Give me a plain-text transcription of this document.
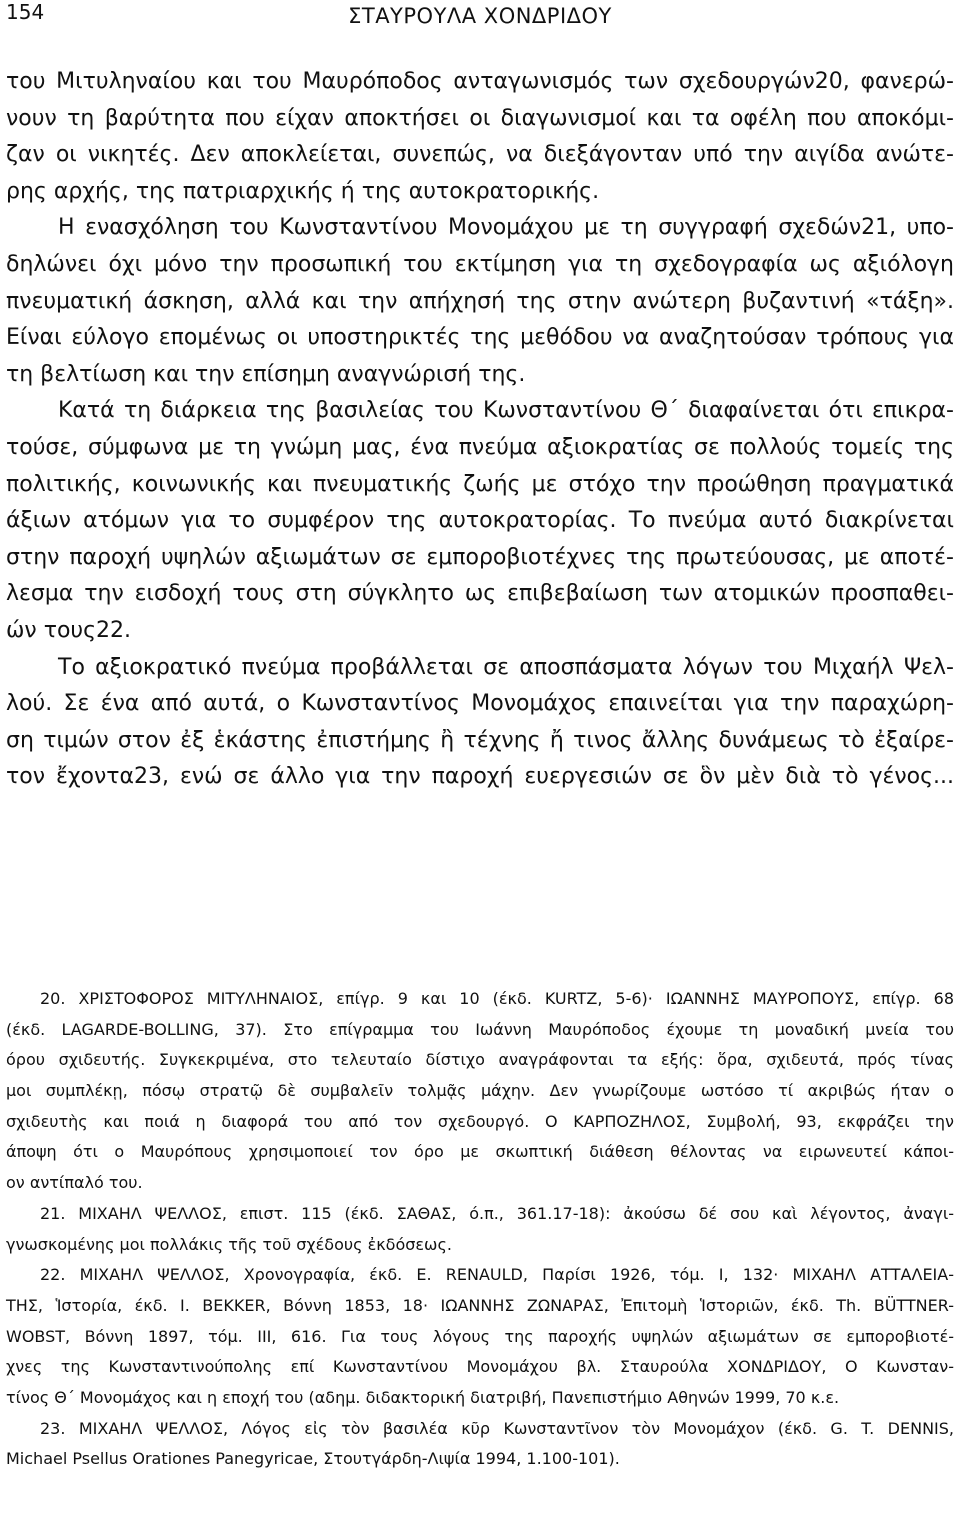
154	ΣΤΑΥΡΟΥΛΑ ΧΟΝΔΡΙΔΟΥ
του Μιτυληναίου και του Μαυρόποδος ανταγωνισμός των σχεδουργών20, φανερώ-
νουν τη βαρύτητα που είχαν αποκτήσει οι διαγωνισμοί και τα οφέλη που αποκόμι-
ζαν οι νικητές. Δεν αποκλείεται, συνεπώς, να διεξάγονταν υπό την αιγίδα ανώτε-
ρης αρχής, της πατριαρχικής ή της αυτοκρατορικής.
Η ενασχόληση του Κωνσταντίνου Μονομάχου με τη συγγραφή σχεδών21, υπο-
δηλώνει όχι μόνο την προσωπική του εκτίμηση για τη σχεδογραφία ως αξιόλογη
πνευματική άσκηση, αλλά και την απήχησή της στην ανώτερη βυζαντινή «τάξη».
Είναι εύλογο επομένως οι υποστηρικτές της μεθόδου να αναζητούσαν τρόπους για
τη βελτίωση και την επίσημη αναγνώρισή της.
Κατά τη διάρκεια της βασιλείας του Κωνσταντίνου Θ΄ διαφαίνεται ότι επικρα-
τούσε, σύμφωνα με τη γνώμη μας, ένα πνεύμα αξιοκρατίας σε πολλούς τομείς της
πολιτικής, κοινωνικής και πνευματικής ζωής με στόχο την προώθηση πραγματικά
άξιων ατόμων για το συμφέρον της αυτοκρατορίας. Το πνεύμα αυτό διακρίνεται
στην παροχή υψηλών αξιωμάτων σε εμποροβιοτέχνες της πρωτεύουσας, με αποτέ-
λεσμα την εισδοχή τους στη σύγκλητο ως επιβεβαίωση των ατομικών προσπαθει-
ών τους22.
Το αξιοκρατικό πνεύμα προβάλλεται σε αποσπάσματα λόγων του Μιχαήλ Ψελ-
λού. Σε ένα από αυτά, ο Κωνσταντίνος Μονομάχος επαινείται για την παραχώρη-
ση τιμών στον ἐξ ἑκάστης ἐπιστήμης ἢ τέχνης ἤ τινος ἄλλης δυνάμεως τὸ ἐξαίρε-
τον ἔχοντα23, ενώ σε άλλο για την παροχή ευεργεσιών σε ὃν μὲν διὰ τὸ γένος...
20. ΧΡΙΣΤΟΦΟΡΟΣ ΜΙΤΥΛΗΝΑΙΟΣ, επίγρ. 9 και 10 (έκδ. KURTZ, 5-6)· ΙΩΑΝΝΗΣ ΜΑΥΡΟΠΟΥΣ, επίγρ. 68
(έκδ. LAGARDE-BOLLING, 37). Στο επίγραμμα του Ιωάννη Μαυρόποδος έχουμε τη μοναδική μνεία του
όρου σχιδευτής. Συγκεκριμένα, στο τελευταίο δίστιχο αναγράφονται τα εξής: ὅρα, σχιδευτά, πρός τίνας
μοι συμπλέκῃ, πόσῳ στρατῷ δὲ συμβαλεῖν τολμᾷς μάχην. Δεν γνωρίζουμε ωστόσο τί ακριβώς ήταν ο
σχιδευτὴς και ποιά η διαφορά του από τον σχεδουργό. Ο ΚΑΡΠΟΖΗΛΟΣ, Συμβολή, 93, εκφράζει την
άποψη ότι ο Μαυρόπους χρησιμοποιεί τον όρο με σκωπτική διάθεση θέλοντας να ειρωνευτεί κάποι-
ον αντίπαλό του.
21. ΜΙΧΑΗΛ ΨΕΛΛΟΣ, επιστ. 115 (έκδ. ΣΑΘΑΣ, ό.π., 361.17-18): ἀκούσω δέ σου καὶ λέγοντος, ἀναγι-
γνωσκομένης μοι πολλάκις τῆς τοῦ σχέδους ἐκδόσεως.
22. ΜΙΧΑΗΛ ΨΕΛΛΟΣ, Χρονογραφία, έκδ. E. RENAULD, Παρίσι 1926, τόμ. Ι, 132· ΜΙΧΑΗΛ ΑΤΤΑΛΕΙΑ-
ΤΗΣ, Ἱστορία, έκδ. I. BEKKER, Βόννη 1853, 18· ΙΩΑΝΝΗΣ ΖΩΝΑΡΑΣ, Ἐπιτομὴ Ἱστοριῶν, έκδ. Th. BÜTTNER-
WOBST, Βόννη 1897, τόμ. ΙΙΙ, 616. Για τους λόγους της παροχής υψηλών αξιωμάτων σε εμποροβιοτέ-
χνες της Κωνσταντινούπολης επί Κωνσταντίνου Μονομάχου βλ. Σταυρούλα ΧΟΝΔΡΙΔΟΥ, Ο Κωνσταν-
τίνος Θ΄ Μονομάχος και η εποχή του (αδημ. διδακτορική διατριβή, Πανεπιστήμιο Αθηνών 1999, 70 κ.ε.
23. ΜΙΧΑΗΛ ΨΕΛΛΟΣ, Λόγος εἰς τὸν βασιλέα κῦρ Κωνσταντῖνον τὸν Μονομάχον (έκδ. G. T. DENNIS,
Michael Psellus Orationes Panegyricae, Στουτγάρδη-Λιψία 1994, 1.100-101).
